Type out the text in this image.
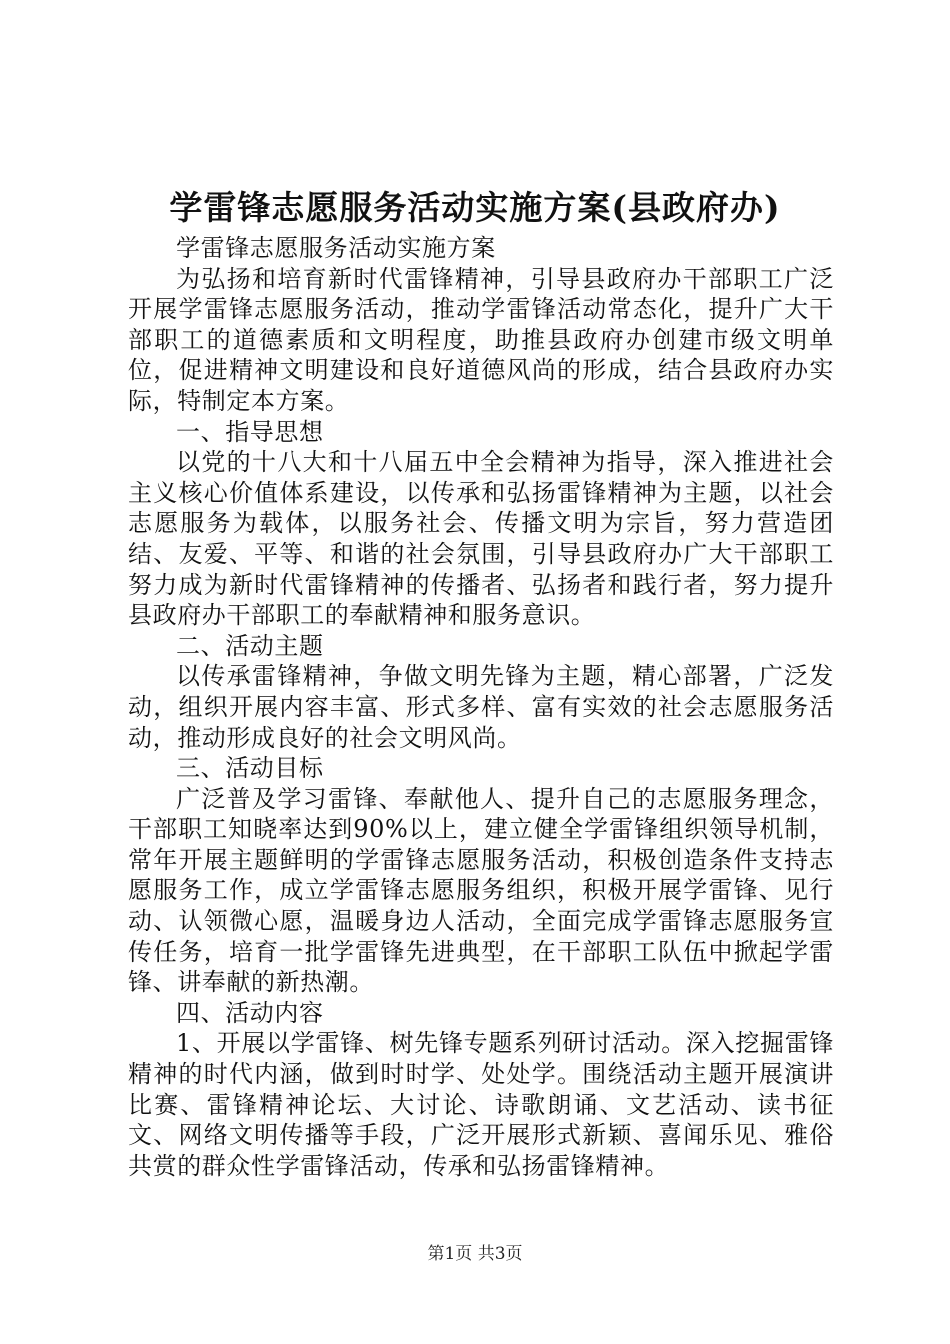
学雷锋志愿服务活动实施方案(县政府办)

学雷锋志愿服务活动实施方案

为弘扬和培育新时代雷锋精神，引导县政府办干部职工广泛开展学雷锋志愿服务活动，推动学雷锋活动常态化，提升广大干部职工的道德素质和文明程度，助推县政府办创建市级文明单位，促进精神文明建设和良好道德风尚的形成，结合县政府办实际，特制定本方案。

一、指导思想

以党的十八大和十八届五中全会精神为指导，深入推进社会主义核心价值体系建设，以传承和弘扬雷锋精神为主题，以社会志愿服务为载体，以服务社会、传播文明为宗旨，努力营造团结、友爱、平等、和谐的社会氛围，引导县政府办广大干部职工努力成为新时代雷锋精神的传播者、弘扬者和践行者，努力提升县政府办干部职工的奉献精神和服务意识。

二、活动主题

以传承雷锋精神，争做文明先锋为主题，精心部署，广泛发动，组织开展内容丰富、形式多样、富有实效的社会志愿服务活动，推动形成良好的社会文明风尚。

三、活动目标

广泛普及学习雷锋、奉献他人、提升自己的志愿服务理念，干部职工知晓率达到90%以上，建立健全学雷锋组织领导机制，常年开展主题鲜明的学雷锋志愿服务活动，积极创造条件支持志愿服务工作，成立学雷锋志愿服务组织，积极开展学雷锋、见行动、认领微心愿，温暖身边人活动，全面完成学雷锋志愿服务宣传任务，培育一批学雷锋先进典型，在干部职工队伍中掀起学雷锋、讲奉献的新热潮。

四、活动内容

1、开展以学雷锋、树先锋专题系列研讨活动。深入挖掘雷锋精神的时代内涵，做到时时学、处处学。围绕活动主题开展演讲比赛、雷锋精神论坛、大讨论、诗歌朗诵、文艺活动、读书征文、网络文明传播等手段，广泛开展形式新颖、喜闻乐见、雅俗共赏的群众性学雷锋活动，传承和弘扬雷锋精神。

第1页 共3页
